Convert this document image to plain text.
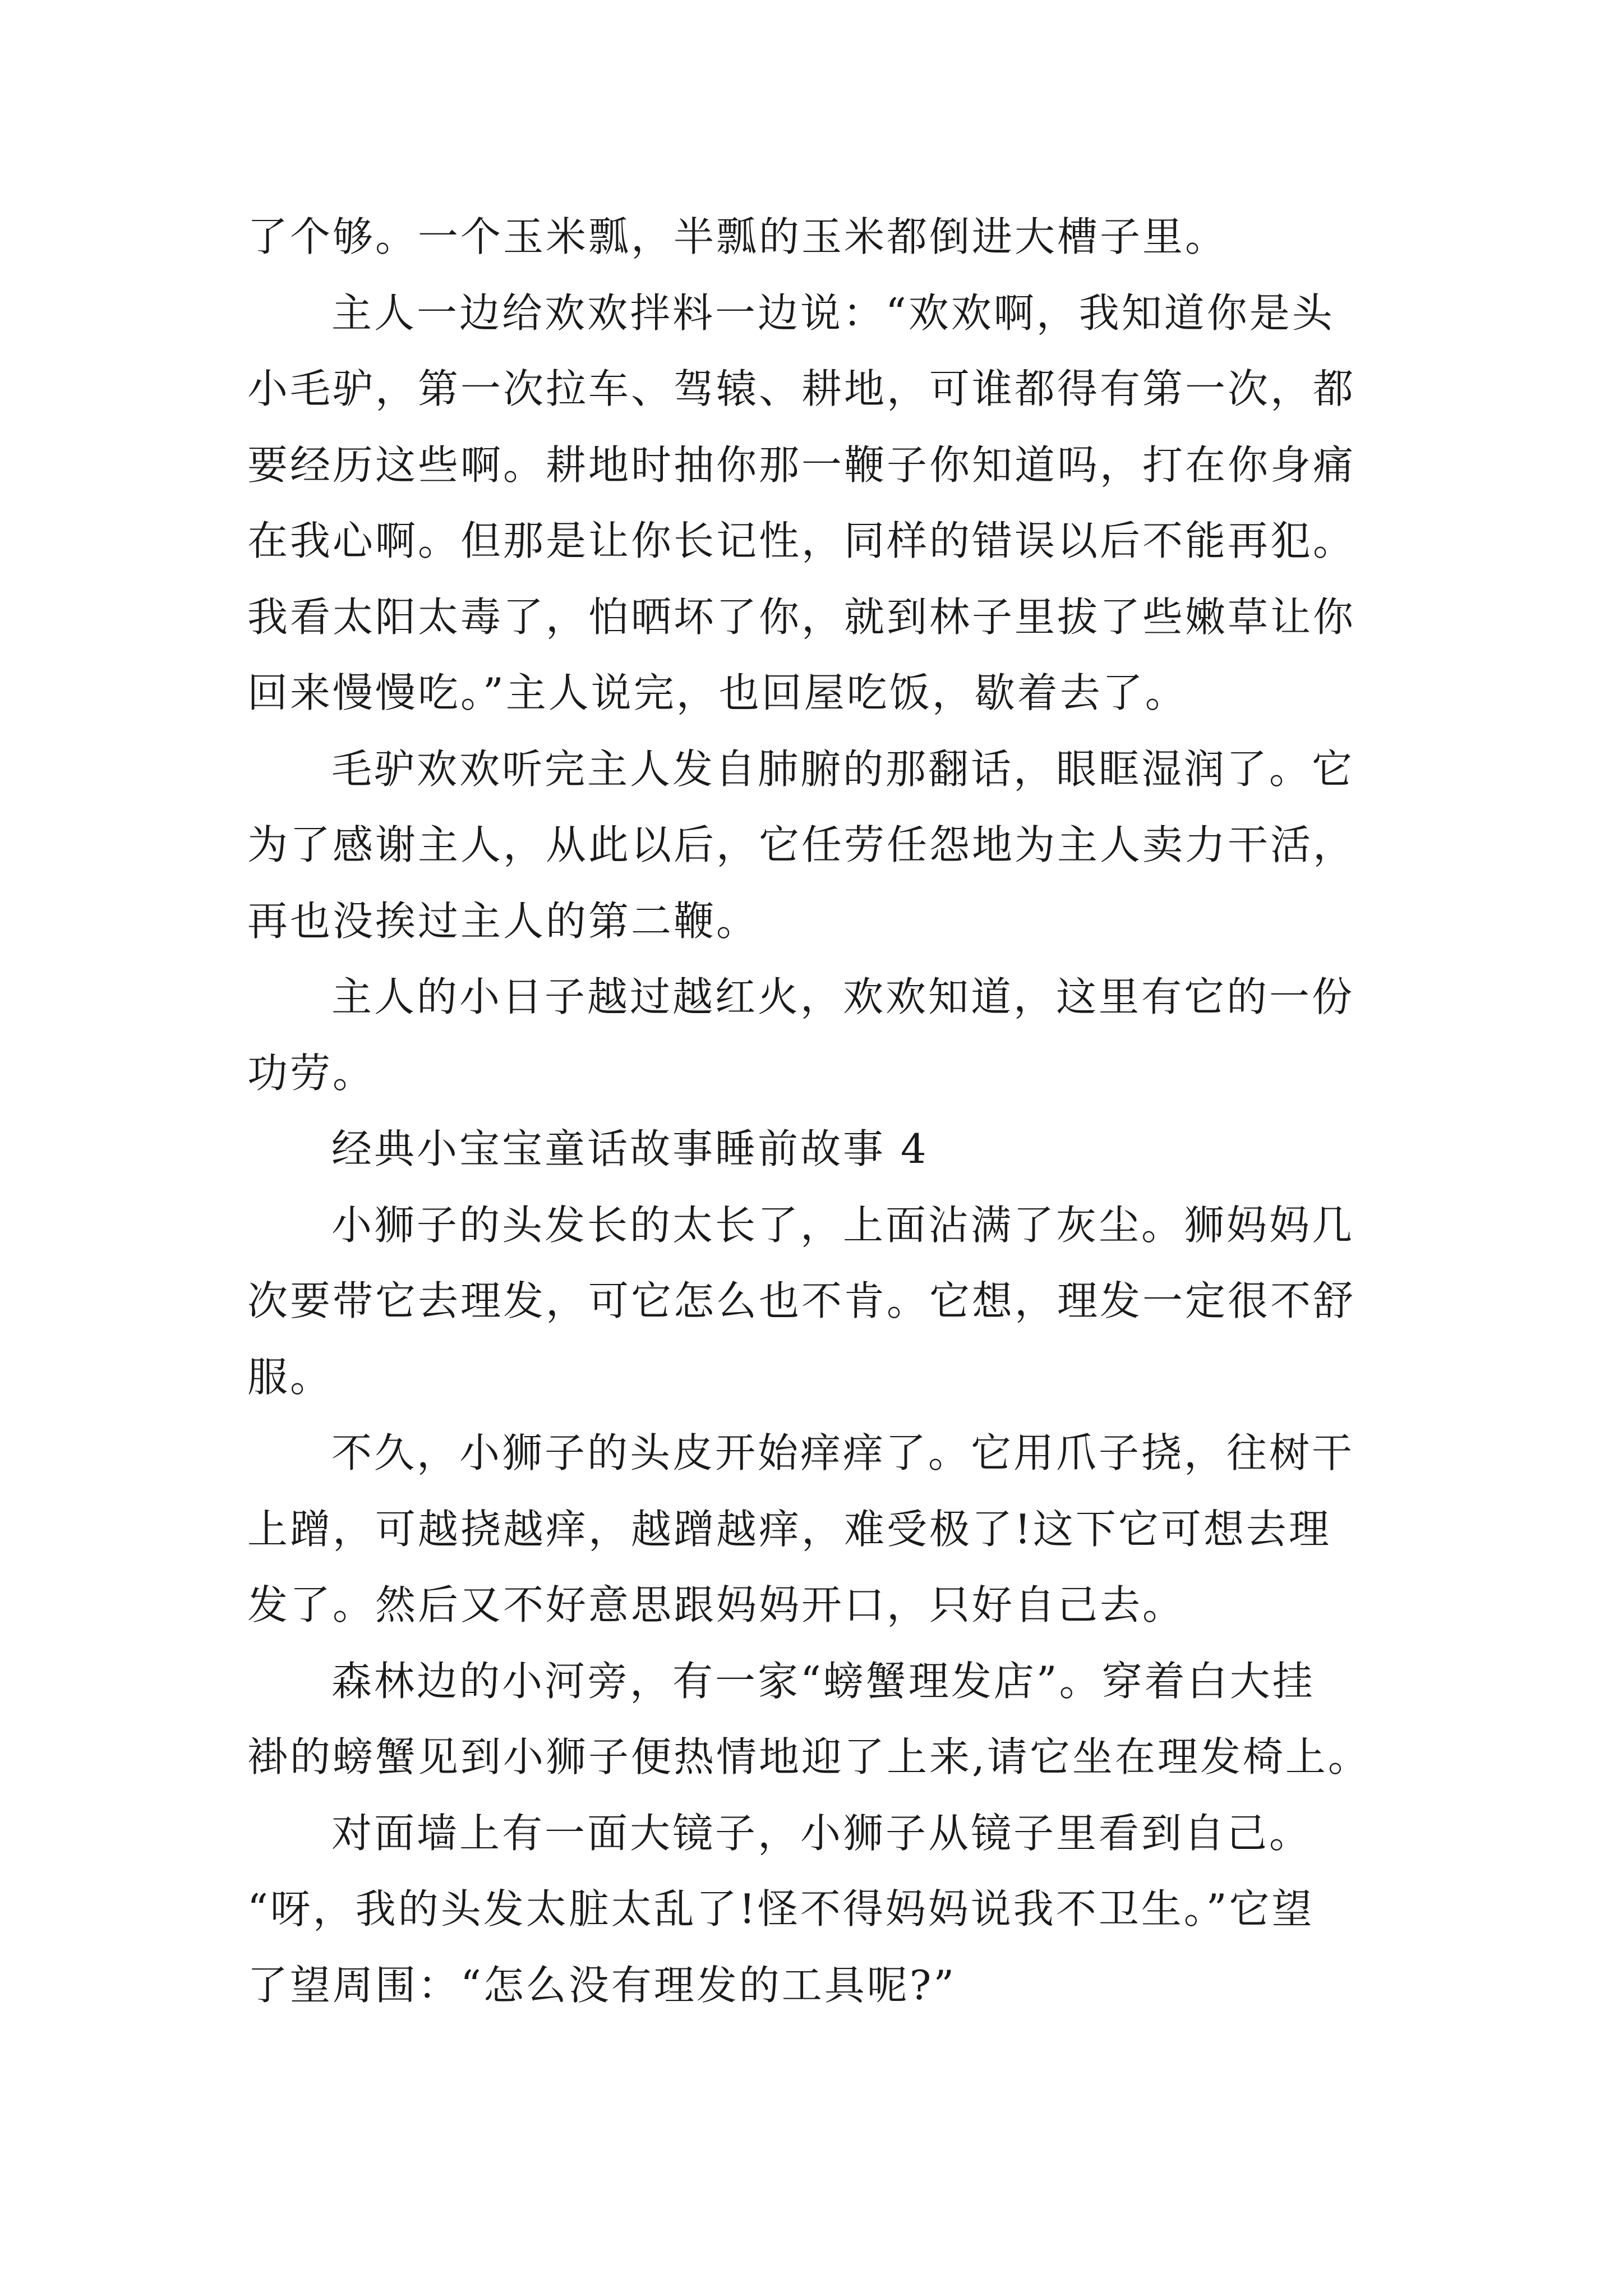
了个够。一个玉米瓢，半瓢的玉米都倒进大槽子里。
主人一边给欢欢拌料一边说：“欢欢啊，我知道你是头
小毛驴，第一次拉车、驾辕、耕地，可谁都得有第一次，都
要经历这些啊。耕地时抽你那一鞭子你知道吗，打在你身痛
在我心啊。但那是让你长记性，同样的错误以后不能再犯。
我看太阳太毒了，怕晒坏了你，就到林子里拔了些嫩草让你
回来慢慢吃。”主人说完，也回屋吃饭，歇着去了。
毛驴欢欢听完主人发自肺腑的那翻话，眼眶湿润了。它
为了感谢主人，从此以后，它任劳任怨地为主人卖力干活，
再也没挨过主人的第二鞭。
主人的小日子越过越红火，欢欢知道，这里有它的一份
功劳。
经典小宝宝童话故事睡前故事 4
小狮子的头发长的太长了，上面沾满了灰尘。狮妈妈几
次要带它去理发，可它怎么也不肯。它想，理发一定很不舒
服。
不久，小狮子的头皮开始痒痒了。它用爪子挠，往树干
上蹭，可越挠越痒，越蹭越痒，难受极了!这下它可想去理
发了。然后又不好意思跟妈妈开口，只好自己去。
森林边的小河旁，有一家“螃蟹理发店”。穿着白大挂
褂的螃蟹见到小狮子便热情地迎了上来,请它坐在理发椅上。
对面墙上有一面大镜子，小狮子从镜子里看到自己。
“呀，我的头发太脏太乱了!怪不得妈妈说我不卫生。”它望
了望周围：“怎么没有理发的工具呢?”
